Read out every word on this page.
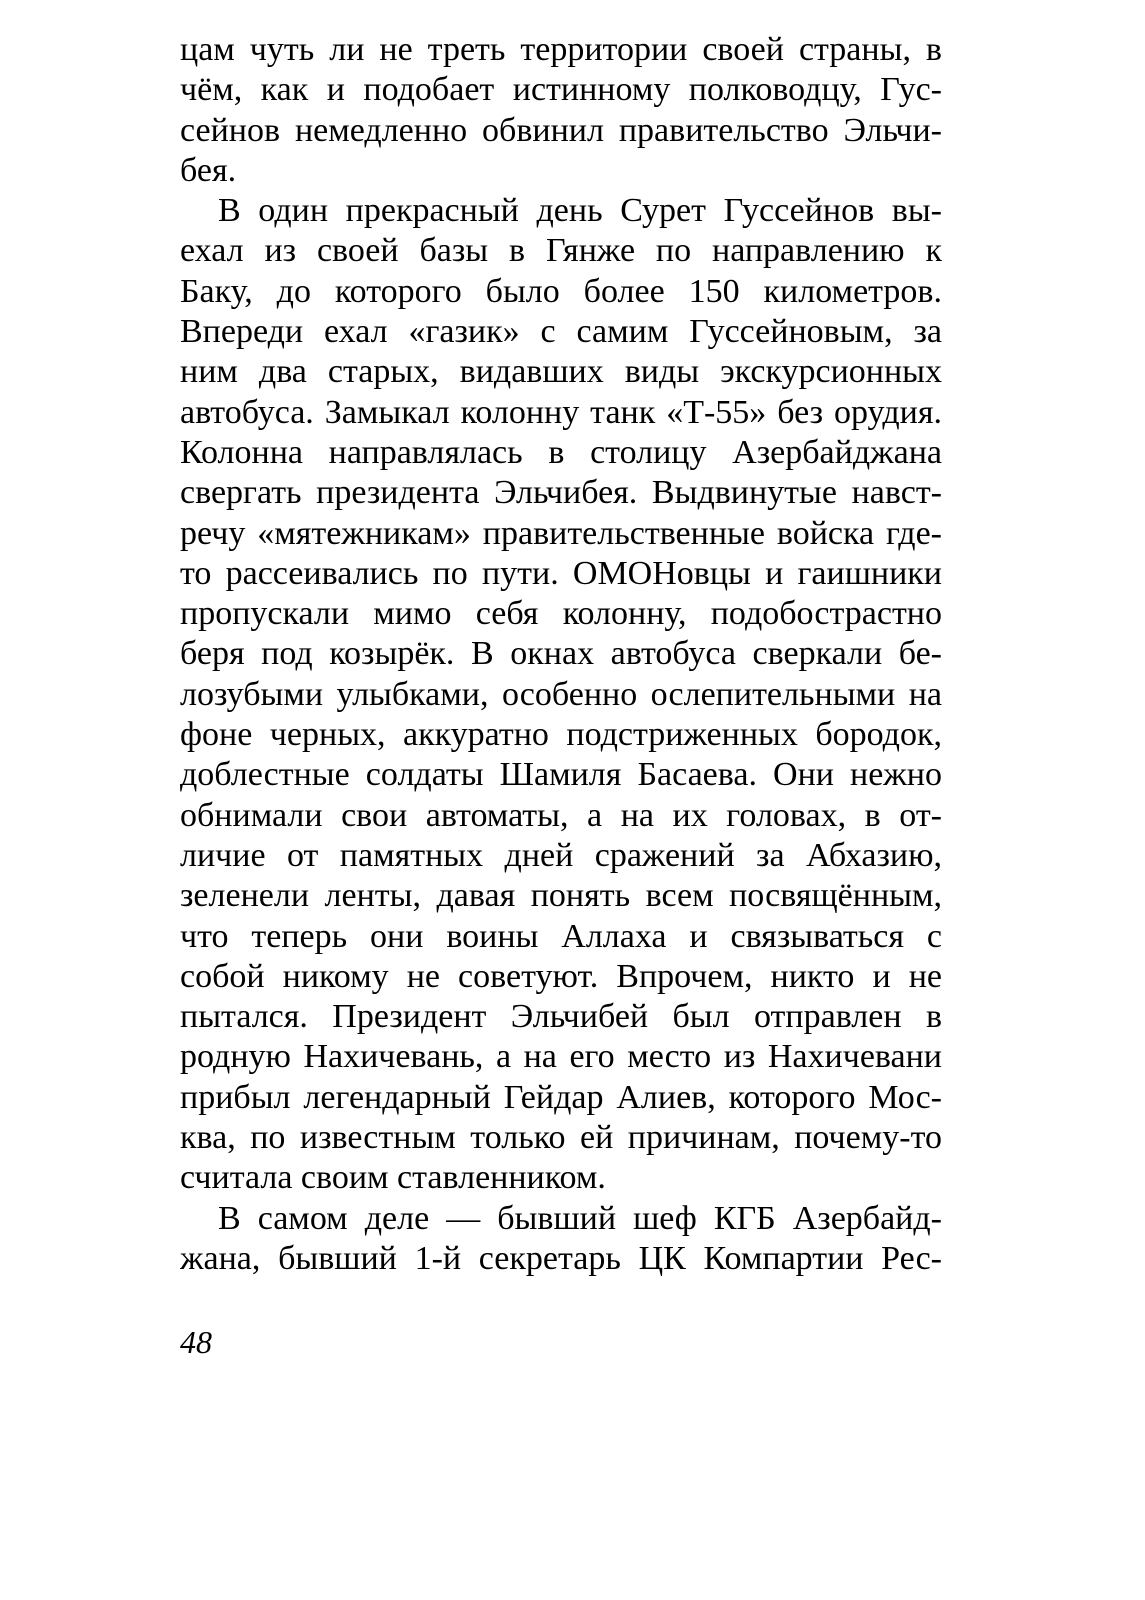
цам чуть ли не треть территории своей страны, в
чём, как и подобает истинному полководцу, Гус-
сейнов немедленно обвинил правительство Эльчи-
бея.
В один прекрасный день Сурет Гуссейнов вы-
ехал из своей базы в Гянже по направлению к
Баку, до которого было более 150 километров.
Впереди ехал «газик» с самим Гуссейновым, за
ним два старых, видавших виды экскурсионных
автобуса. Замыкал колонну танк «Т-55» без орудия.
Колонна направлялась в столицу Азербайджана
свергать президента Эльчибея. Выдвинутые навст-
речу «мятежникам» правительственные войска где-
то рассеивались по пути. ОМОНовцы и гаишники
пропускали мимо себя колонну, подобострастно
беря под козырёк. В окнах автобуса сверкали бе-
лозубыми улыбками, особенно ослепительными на
фоне черных, аккуратно подстриженных бородок,
доблестные солдаты Шамиля Басаева. Они нежно
обнимали свои автоматы, а на их головах, в от-
личие от памятных дней сражений за Абхазию,
зеленели ленты, давая понять всем посвящённым,
что теперь они воины Аллаха и связываться с
собой никому не советуют. Впрочем, никто и не
пытался. Президент Эльчибей был отправлен в
родную Нахичевань, а на его место из Нахичевани
прибыл легендарный Гейдар Алиев, которого Мос-
ква, по известным только ей причинам, почему-то
считала своим ставленником.
В самом деле — бывший шеф КГБ Азербайд-
жана, бывший 1-й секретарь ЦК Компартии Рес-
48
